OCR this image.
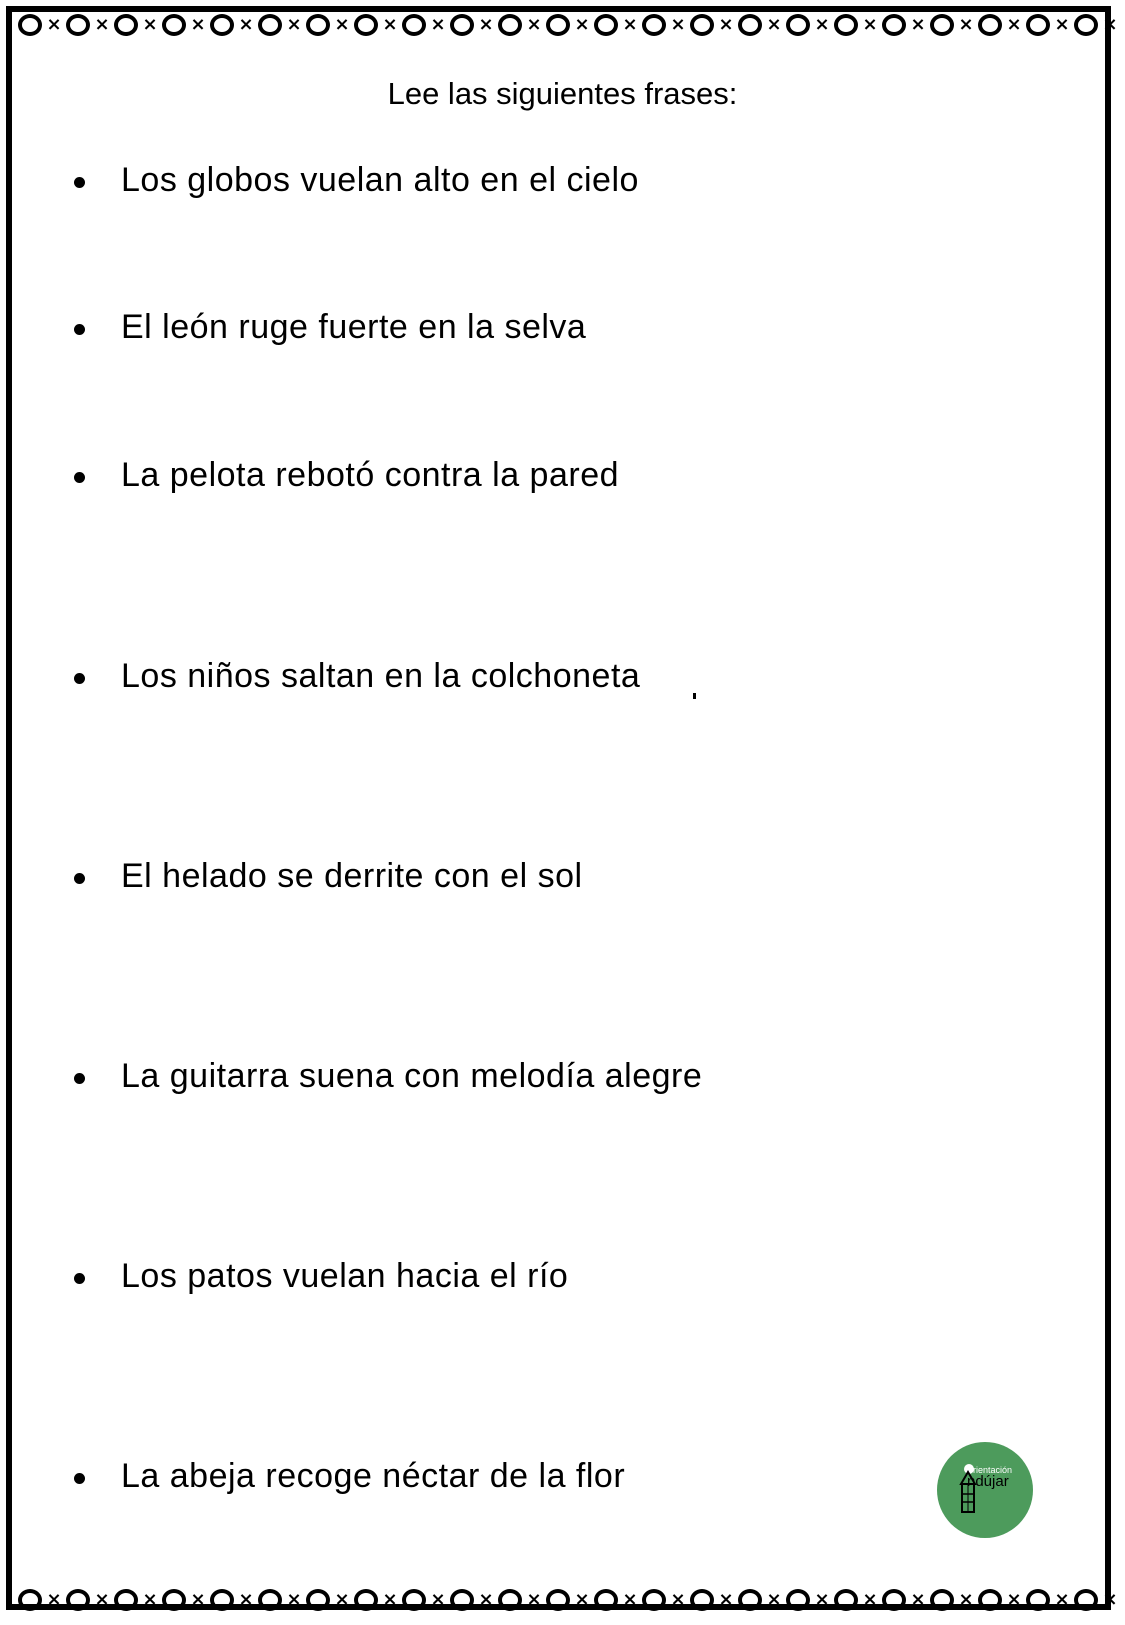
× × × × × × × × × × × × × × × × × × × × × × ×
× × × × × × × × × × × × × × × × × × × × × × ×
Lee las siguientes frases:
Los globos vuelan alto en el cielo
El león ruge fuerte en la selva
La pelota rebotó contra la pared
Los niños saltan en la colchoneta
El helado se derrite con el sol
La guitarra suena con melodía alegre
Los patos vuelan hacia el río
La abeja recoge néctar de la flor	rientación
ndújar
